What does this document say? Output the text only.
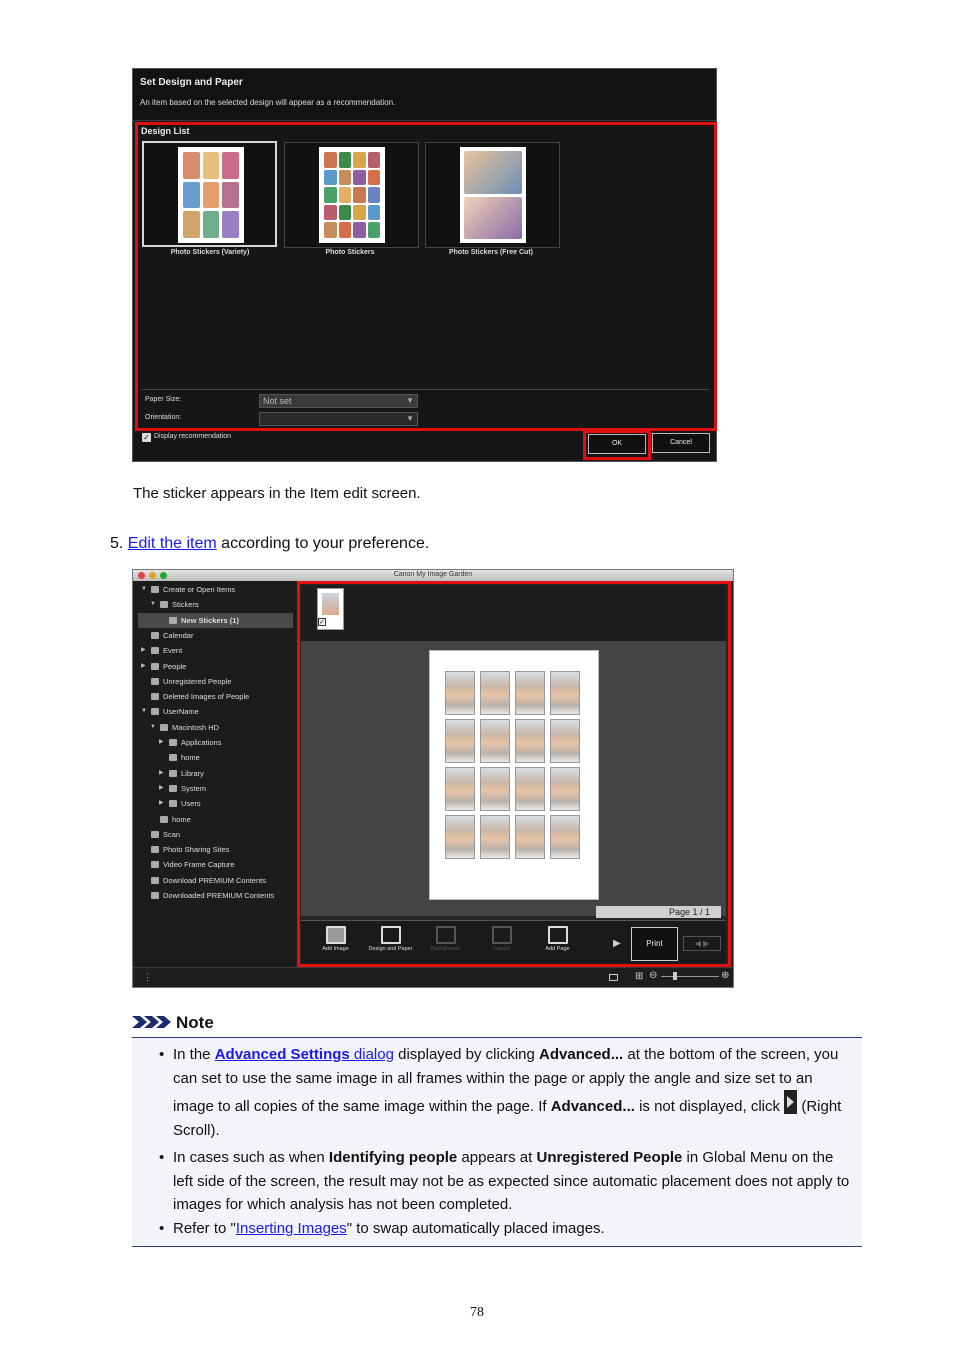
Set Design and Paper
An item based on the selected design will appear as a recommendation.
Design List
Photo Stickers (Variety)	Photo Stickers	Photo Stickers (Free Cut)
Paper Size:	Not set	▼
Orientation:	▼
✓ Display recommendation
OK	Cancel
The sticker appears in the Item edit screen.
5. Edit the item according to your preference.
Canon My Image Garden
▼ Create or Open Items
▼ Stickers
New Stickers (1)
Calendar
▶ Event
▶ People
Unregistered People
Deleted Images of People
▼ UserName
▼ Macintosh HD
▶ Applications
home
▶ Library
▶ System
▶ Users
home
Scan
Photo Sharing Sites
Video Frame Capture
Download PREMIUM Contents
Downloaded PREMIUM Contents
✓
Page 1 / 1
Add Image	Design and Paper	Background	Layout	Add Page	▶	Print	◀ ▶
⋮	⊞ ⊖	⊕
Note
• In the Advanced Settings dialog displayed by clicking Advanced... at the bottom of the screen, you can set to use the same image in all frames within the page or apply the angle and size set to an image to all copies of the same image within the page. If Advanced... is not displayed, click
(Right Scroll).
• In cases such as when Identifying people appears at Unregistered People in Global Menu on the left side of the screen, the result may not be as expected since automatic placement does not apply to images for which analysis has not been completed.
• Refer to "Inserting Images" to swap automatically placed images.
78
